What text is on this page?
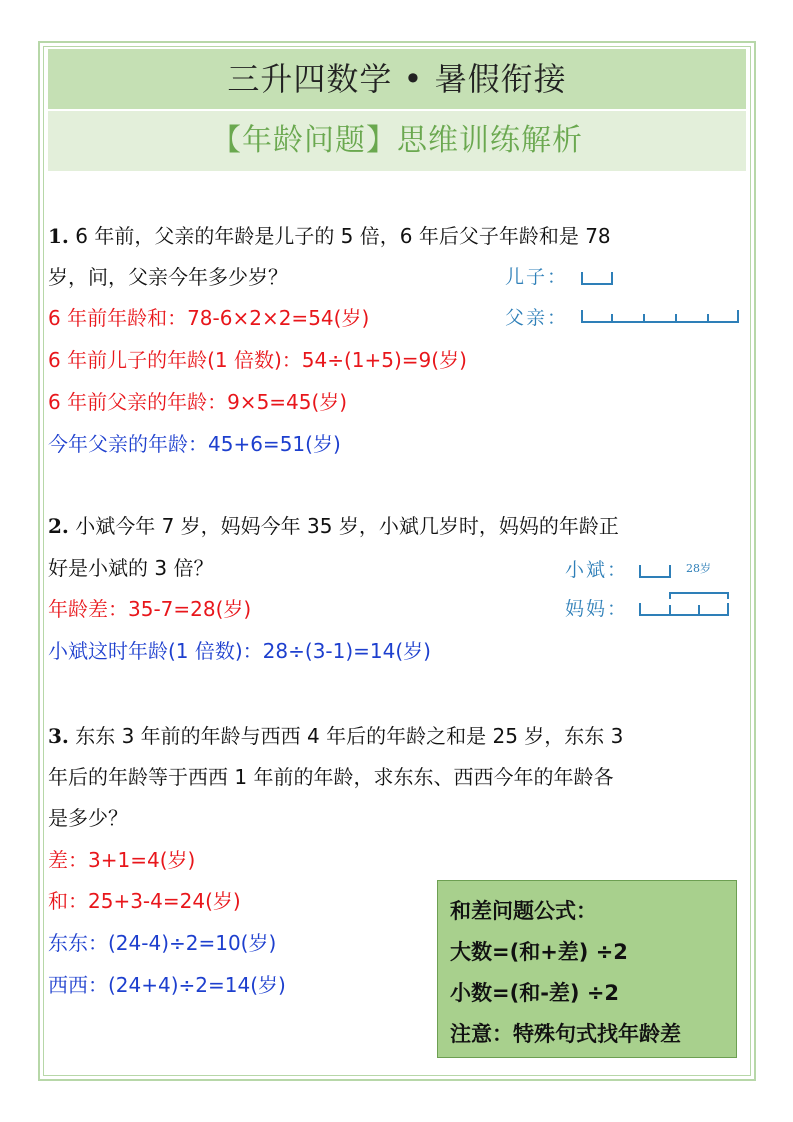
三升四数学 • 暑假衔接
【年龄问题】思维训练解析
1. 6 年前，父亲的年龄是儿子的 5 倍，6 年后父子年龄和是 78
岁，问，父亲今年多少岁？
6 年前年龄和：78-6×2×2=54(岁)
6 年前儿子的年龄(1 倍数)：54÷(1+5)=9(岁)
6 年前父亲的年龄：9×5=45(岁)
今年父亲的年龄：45+6=51(岁)
儿子：
父亲：
2. 小斌今年 7 岁，妈妈今年 35 岁，小斌几岁时，妈妈的年龄正
好是小斌的 3 倍？
年龄差：35-7=28(岁)
小斌这时年龄(1 倍数)：28÷(3-1)=14(岁)
小斌：
妈妈：
28岁
3. 东东 3 年前的年龄与西西 4 年后的年龄之和是 25 岁，东东 3
年后的年龄等于西西 1 年前的年龄，求东东、西西今年的年龄各
是多少？
差：3+1=4(岁)
和：25+3-4=24(岁)
东东：(24-4)÷2=10(岁)
西西：(24+4)÷2=14(岁)
和差问题公式：
大数=(和+差) ÷2
小数=(和-差) ÷2
注意：特殊句式找年龄差
